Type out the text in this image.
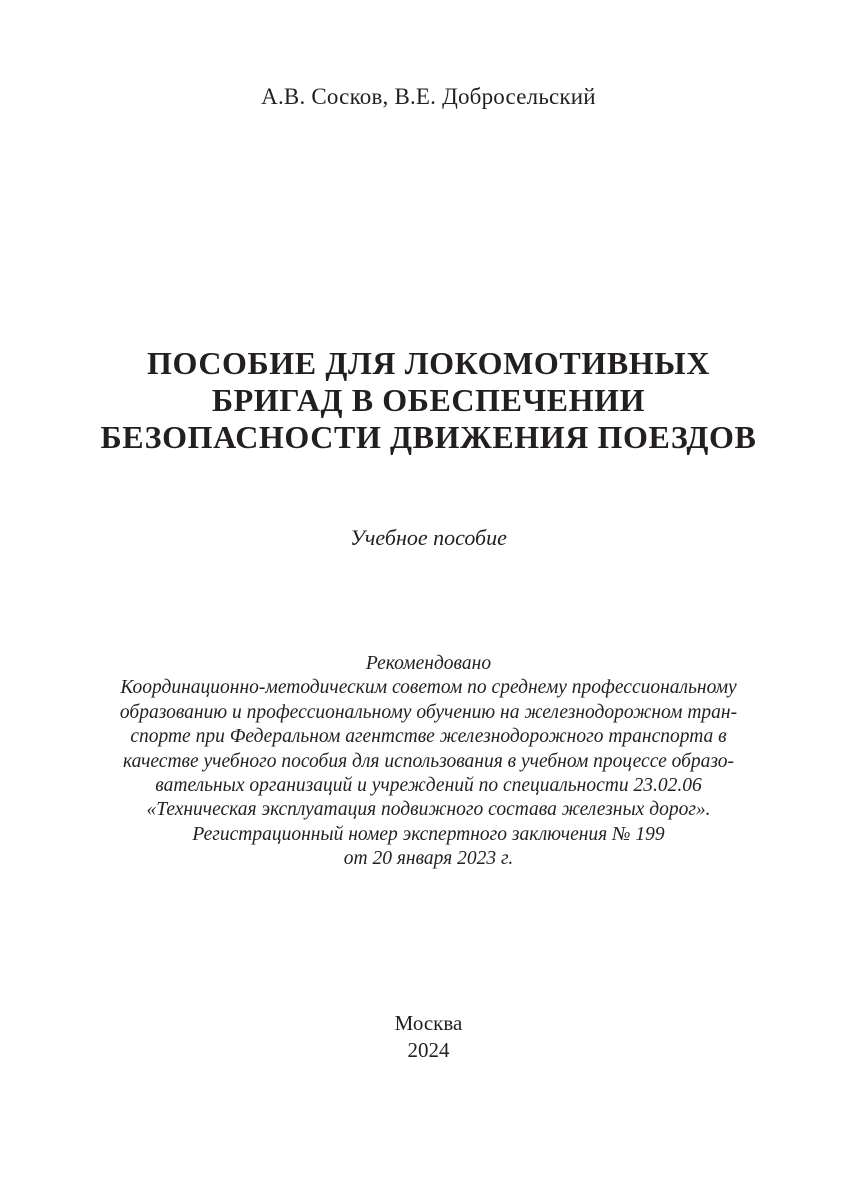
А.В. Сосков, В.Е. Добросельский
ПОСОБИЕ ДЛЯ ЛОКОМОТИВНЫХ
БРИГАД В ОБЕСПЕЧЕНИИ
БЕЗОПАСНОСТИ ДВИЖЕНИЯ ПОЕЗДОВ
Учебное пособие
Рекомендовано
Координационно-методическим советом по среднему профессиональному
образованию и профессиональному обучению на железнодорожном тран-
спорте при Федеральном агентстве железнодорожного транспорта в
качестве учебного пособия для использования в учебном процессе образо-
вательных организаций и учреждений по специальности 23.02.06
«Техническая эксплуатация подвижного состава железных дорог».
Регистрационный номер экспертного заключения № 199
от 20 января 2023 г.
Москва
2024
